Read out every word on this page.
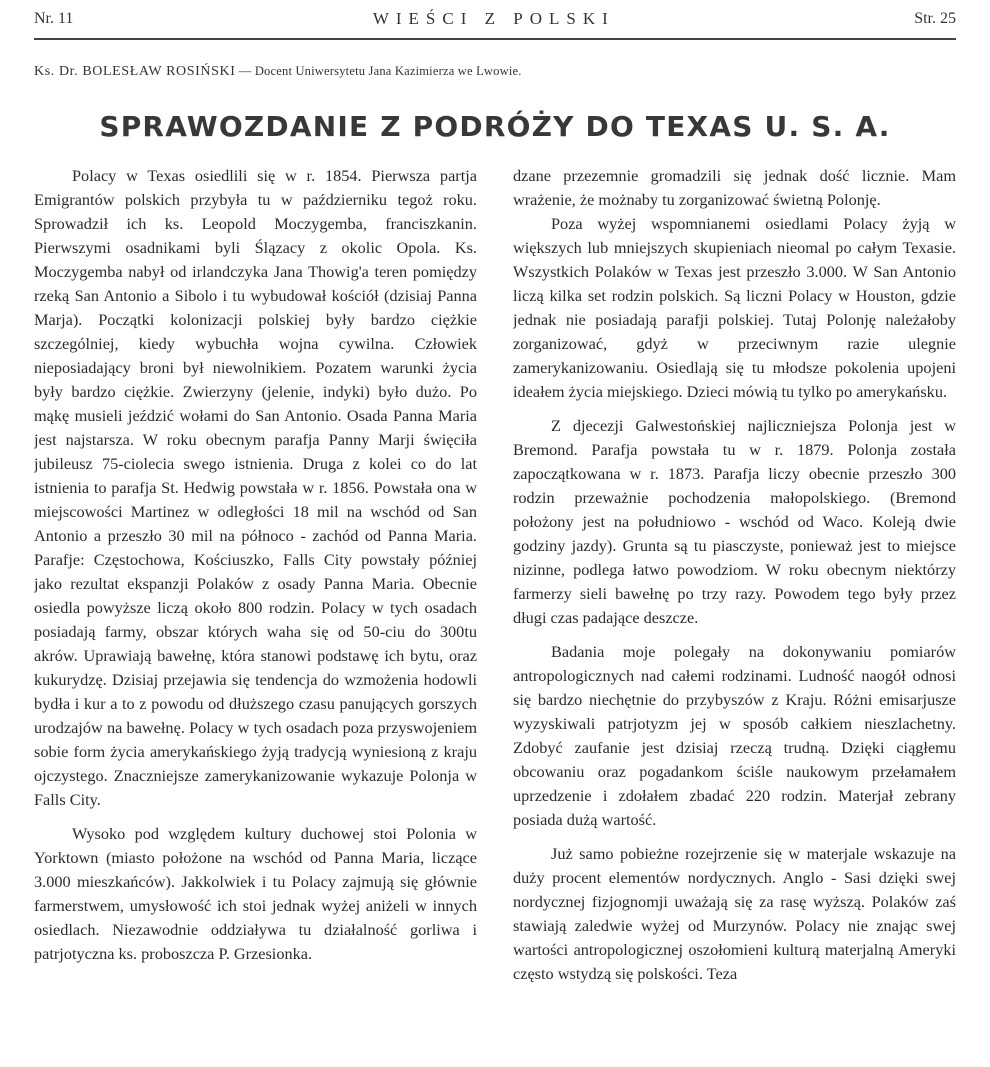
Nr. 11	WIEŚCI Z POLSKI	Str. 25
Ks. Dr. BOLESŁAW ROSIŃSKI — Docent Uniwersytetu Jana Kazimierza we Lwowie.
SPRAWOZDANIE Z PODRÓŻY DO TEXAS U. S. A.

Polacy w Texas osiedlili się w r. 1854. Pierwsza partja Emigrantów polskich przybyła tu w październiku tegoż roku. Sprowadził ich ks. Leopold Moczygemba, franciszkanin. Pierwszymi osadnikami byli Ślązacy z okolic Opola. Ks. Moczygemba nabył od irlandczyka Jana Thowig'a teren pomiędzy rzeką San Antonio a Sibolo i tu wybudował kościół (dzisiaj Panna Marja). Początki kolonizacji polskiej były bardzo ciężkie szczególniej, kiedy wybuchła wojna cywilna. Człowiek nieposiadający broni był niewolnikiem. Pozatem warunki życia były bardzo ciężkie. Zwierzyny (jelenie, indyki) było dużo. Po mąkę musieli jeździć wołami do San Antonio. Osada Panna Maria jest najstarsza. W roku obecnym parafja Panny Marji święciła jubileusz 75-ciolecia swego istnienia. Druga z kolei co do lat istnienia to parafja St. Hedwig powstała w r. 1856. Powstała ona w miejscowości Martinez w odległości 18 mil na wschód od San Antonio a przeszło 30 mil na północo - zachód od Panna Maria. Parafje: Częstochowa, Kościuszko, Falls City powstały później jako rezultat ekspanzji Polaków z osady Panna Maria. Obecnie osiedla powyższe liczą około 800 rodzin. Polacy w tych osadach posiadają farmy, obszar których waha się od 50-ciu do 300tu akrów. Uprawiają bawełnę, która stanowi podstawę ich bytu, oraz kukurydzę. Dzisiaj przejawia się tendencja do wzmożenia hodowli bydła i kur a to z powodu od dłuższego czasu panujących gorszych urodzajów na bawełnę. Polacy w tych osadach poza przyswojeniem sobie form życia amerykańskiego żyją tradycją wyniesioną z kraju ojczystego. Znaczniejsze zamerykanizowanie wykazuje Polonja w Falls City.

Wysoko pod względem kultury duchowej stoi Polonia w Yorktown (miasto położone na wschód od Panna Maria, liczące 3.000 mieszkańców). Jakkolwiek i tu Polacy zajmują się głównie farmerstwem, umysłowość ich stoi jednak wyżej aniżeli w innych osiedlach. Niezawodnie oddziaływa tu działalność gorliwa i patrjotyczna ks. proboszcza P. Grzesionka.

dzane przezemnie gromadzili się jednak dość licznie. Mam wrażenie, że możnaby tu zorganizować świetną Polonję.

Poza wyżej wspomnianemi osiedlami Polacy żyją w większych lub mniejszych skupieniach nieomal po całym Texasie. Wszystkich Polaków w Texas jest przeszło 3.000. W San Antonio liczą kilka set rodzin polskich. Są liczni Polacy w Houston, gdzie jednak nie posiadają parafji polskiej. Tutaj Polonję należałoby zorganizować, gdyż w przeciwnym razie ulegnie zamerykanizowaniu. Osiedlają się tu młodsze pokolenia upojeni ideałem życia miejskiego. Dzieci mówią tu tylko po amerykańsku.

Z djecezji Galwestońskiej najliczniejsza Polonja jest w Bremond. Parafja powstała tu w r. 1879. Polonja została zapoczątkowana w r. 1873. Parafja liczy obecnie przeszło 300 rodzin przeważnie pochodzenia małopolskiego. (Bremond położony jest na południowo - wschód od Waco. Koleją dwie godziny jazdy). Grunta są tu piasczyste, ponieważ jest to miejsce nizinne, podlega łatwo powodziom. W roku obecnym niektórzy farmerzy sieli bawełnę po trzy razy. Powodem tego były przez długi czas padające deszcze.

Badania moje polegały na dokonywaniu pomiarów antropologicznych nad całemi rodzinami. Ludność naogół odnosi się bardzo niechętnie do przybyszów z Kraju. Różni emisarjusze wyzyskiwali patrjotyzm jej w sposób całkiem nieszlachetny. Zdobyć zaufanie jest dzisiaj rzeczą trudną. Dzięki ciągłemu obcowaniu oraz pogadankom ściśle naukowym przełamałem uprzedzenie i zdołałem zbadać 220 rodzin. Materjał zebrany posiada dużą wartość.

Już samo pobieżne rozejrzenie się w materjale wskazuje na duży procent elementów nordycznych. Anglo - Sasi dzięki swej nordycznej fizjognomji uważają się za rasę wyższą. Polaków zaś stawiają zaledwie wyżej od Murzynów. Polacy nie znając swej wartości antropologicznej oszołomieni kulturą materjalną Ameryki często wstydzą się polskości. Teza
